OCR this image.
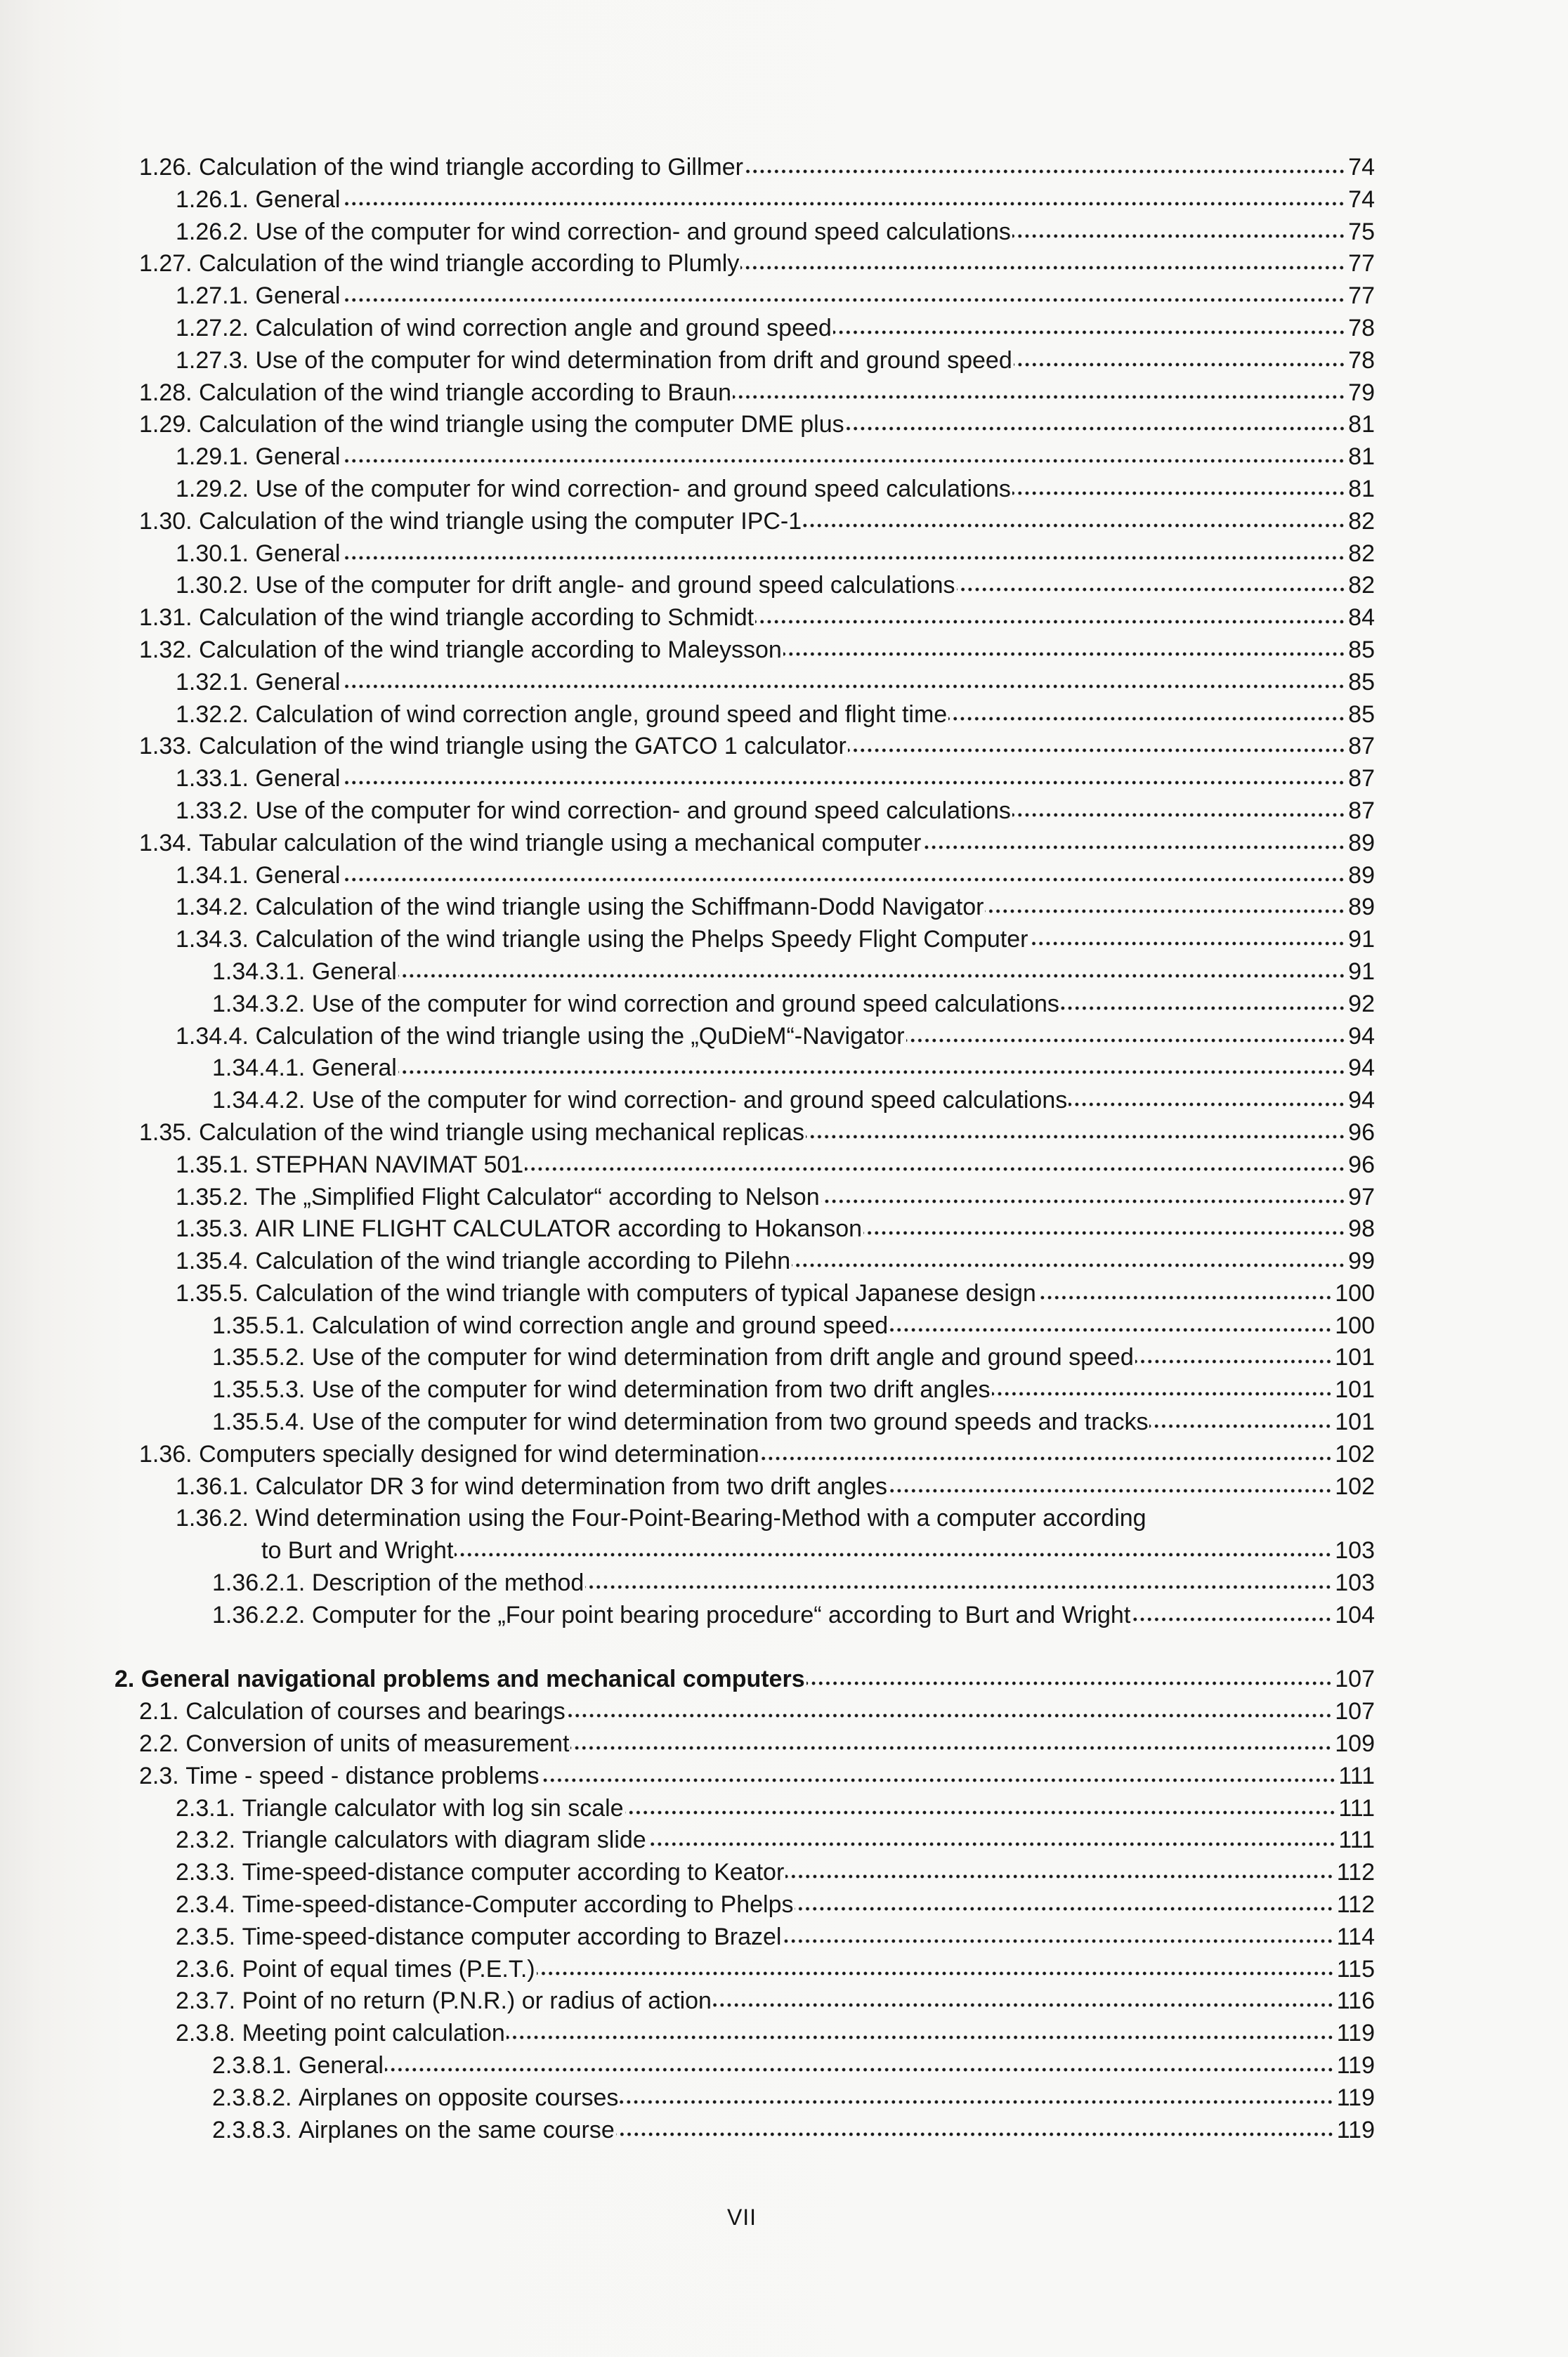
1.26. Calculation of the wind triangle according to Gillmer	74
1.26.1. General	74
1.26.2. Use of the computer for wind correction- and ground speed calculations	75
1.27. Calculation of the wind triangle according to Plumly	77
1.27.1. General	77
1.27.2. Calculation of wind correction angle and ground speed	78
1.27.3. Use of the computer for wind determination from drift and ground speed	78
1.28. Calculation of the wind triangle according to Braun	79
1.29. Calculation of the wind triangle using the computer DME plus	81
1.29.1. General	81
1.29.2. Use of the computer for wind correction- and ground speed calculations	81
1.30. Calculation of the wind triangle using the computer IPC-1	82
1.30.1. General	82
1.30.2. Use of the computer for drift angle- and ground speed calculations	82
1.31. Calculation of the wind triangle according to Schmidt	84
1.32. Calculation of the wind triangle according to Maleysson	85
1.32.1. General	85
1.32.2. Calculation of wind correction angle, ground speed and flight time	85
1.33. Calculation of the wind triangle using the GATCO 1 calculator	87
1.33.1. General	87
1.33.2. Use of the computer for wind correction- and ground speed calculations	87
1.34. Tabular calculation of the wind triangle using a mechanical computer	89
1.34.1. General	89
1.34.2. Calculation of the wind triangle using the Schiffmann-Dodd Navigator	89
1.34.3. Calculation of the wind triangle using the Phelps Speedy Flight Computer	91
1.34.3.1. General	91
1.34.3.2. Use of the computer for wind correction and ground speed calculations	92
1.34.4. Calculation of the wind triangle using the „QuDieM“-Navigator	94
1.34.4.1. General	94
1.34.4.2. Use of the computer for wind correction- and ground speed calculations	94
1.35. Calculation of the wind triangle using mechanical replicas	96
1.35.1. STEPHAN NAVIMAT 501	96
1.35.2. The „Simplified Flight Calculator“ according to Nelson	97
1.35.3. AIR LINE FLIGHT CALCULATOR according to Hokanson	98
1.35.4. Calculation of the wind triangle according to Pilehn	99
1.35.5. Calculation of the wind triangle with computers of typical Japanese design	100
1.35.5.1. Calculation of wind correction angle and ground speed	100
1.35.5.2. Use of the computer for wind determination from drift angle and ground speed	101
1.35.5.3. Use of the computer for wind determination from two drift angles	101
1.35.5.4. Use of the computer for wind determination from two ground speeds and tracks	101
1.36. Computers specially designed for wind determination	102
1.36.1. Calculator DR 3 for wind determination from two drift angles	102
1.36.2. Wind determination using the Four-Point-Bearing-Method with a computer according
to Burt and Wright	103
1.36.2.1. Description of the method	103
1.36.2.2. Computer for the „Four point bearing procedure“ according to Burt and Wright	104
2. General navigational problems and mechanical computers	107
2.1. Calculation of courses and bearings	107
2.2. Conversion of units of measurement	109
2.3. Time - speed - distance problems	111
2.3.1. Triangle calculator with log sin scale	111
2.3.2. Triangle calculators with diagram slide	111
2.3.3. Time-speed-distance computer according to Keator	112
2.3.4. Time-speed-distance-Computer according to Phelps	112
2.3.5. Time-speed-distance computer according to Brazel	114
2.3.6. Point of equal times (P.E.T.)	115
2.3.7. Point of no return (P.N.R.) or radius of action	116
2.3.8. Meeting point calculation	119
2.3.8.1. General	119
2.3.8.2. Airplanes on opposite courses	119
2.3.8.3. Airplanes on the same course	119
VII
